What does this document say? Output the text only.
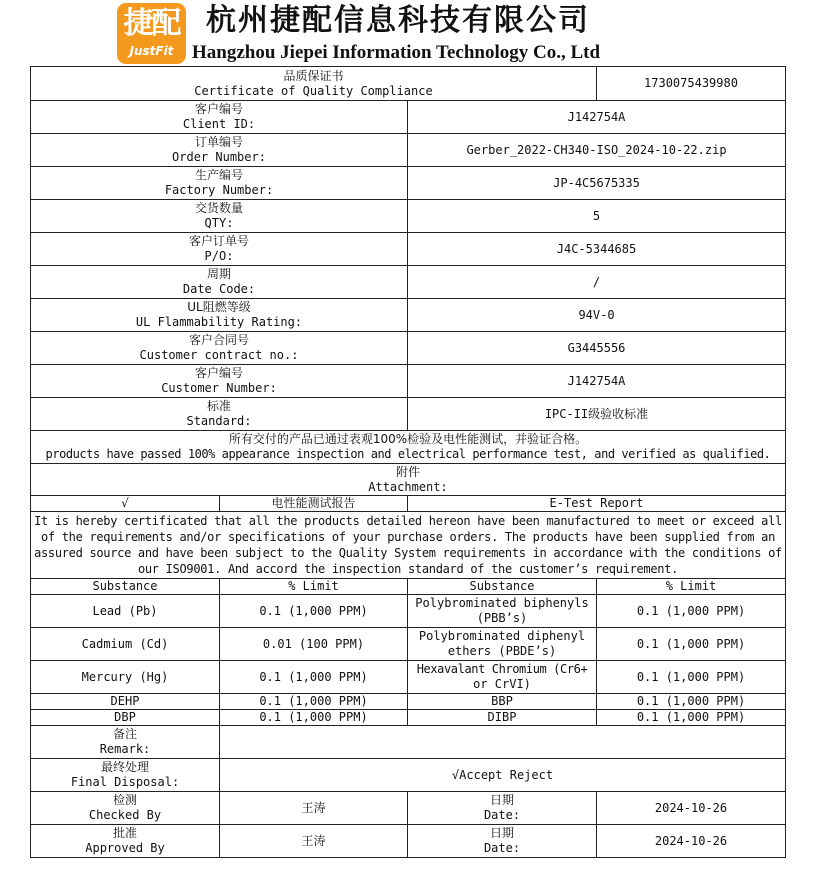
捷配
JustFit
杭州捷配信息科技有限公司
Hangzhou Jiepei Information Technology Co., Ltd
品质保证书
Certificate of Quality Compliance			1730075439980

客户编号
Client ID:		J142754A	

订单编号
Order Number:		Gerber_2022-CH340-ISO_2024-10-22.zip	

生产编号
Factory Number:		JP-4C5675335	

交货数量
QTY:		5	

客户订单号
P/O:		J4C-5344685	

周期
Date Code:		/	

UL阻燃等级
UL Flammability Rating:		94V-0	

客户合同号
Customer contract no.:		G3445556	

客户编号
Customer Number:		J142754A	

标准
Standard:		IPC-II级验收标准	

所有交付的产品已通过表观100%检验及电性能测试，并验证合格。
products have passed 100% appearance inspection and electrical performance test, and verified as qualified.			

附件
Attachment:			

√	电性能测试报告	E-Test Report	
It is hereby certificated that all the products detailed hereon have been manufactured to meet or exceed all of the requirements and/or specifications of your purchase orders. The products have been supplied from an assured source and have been subject to the Quality System requirements in accordance with the conditions of our ISO9001. And accord the inspection standard of the customer’s requirement.			
Substance	% Limit	Substance	% Limit
Lead (Pb)	0.1 (1,000 PPM)	Polybrominated biphenyls
(PBB’s)	0.1 (1,000 PPM)
Cadmium (Cd)	0.01 (100 PPM)	Polybrominated diphenyl
ethers (PBDE’s)	0.1 (1,000 PPM)
Mercury (Hg)	0.1 (1,000 PPM)	Hexavalant Chromium (Cr6+
or CrVI)	0.1 (1,000 PPM)
DEHP	0.1 (1,000 PPM)	BBP	0.1 (1,000 PPM)
DBP	0.1 (1,000 PPM)	DIBP	0.1 (1,000 PPM)

备注
Remark:			

最终处理
Final Disposal:	√Accept Reject		

检测
Checked By	王涛	日期
Date:	2024-10-26

批准
Approved By	王涛	日期
Date:	2024-10-26
